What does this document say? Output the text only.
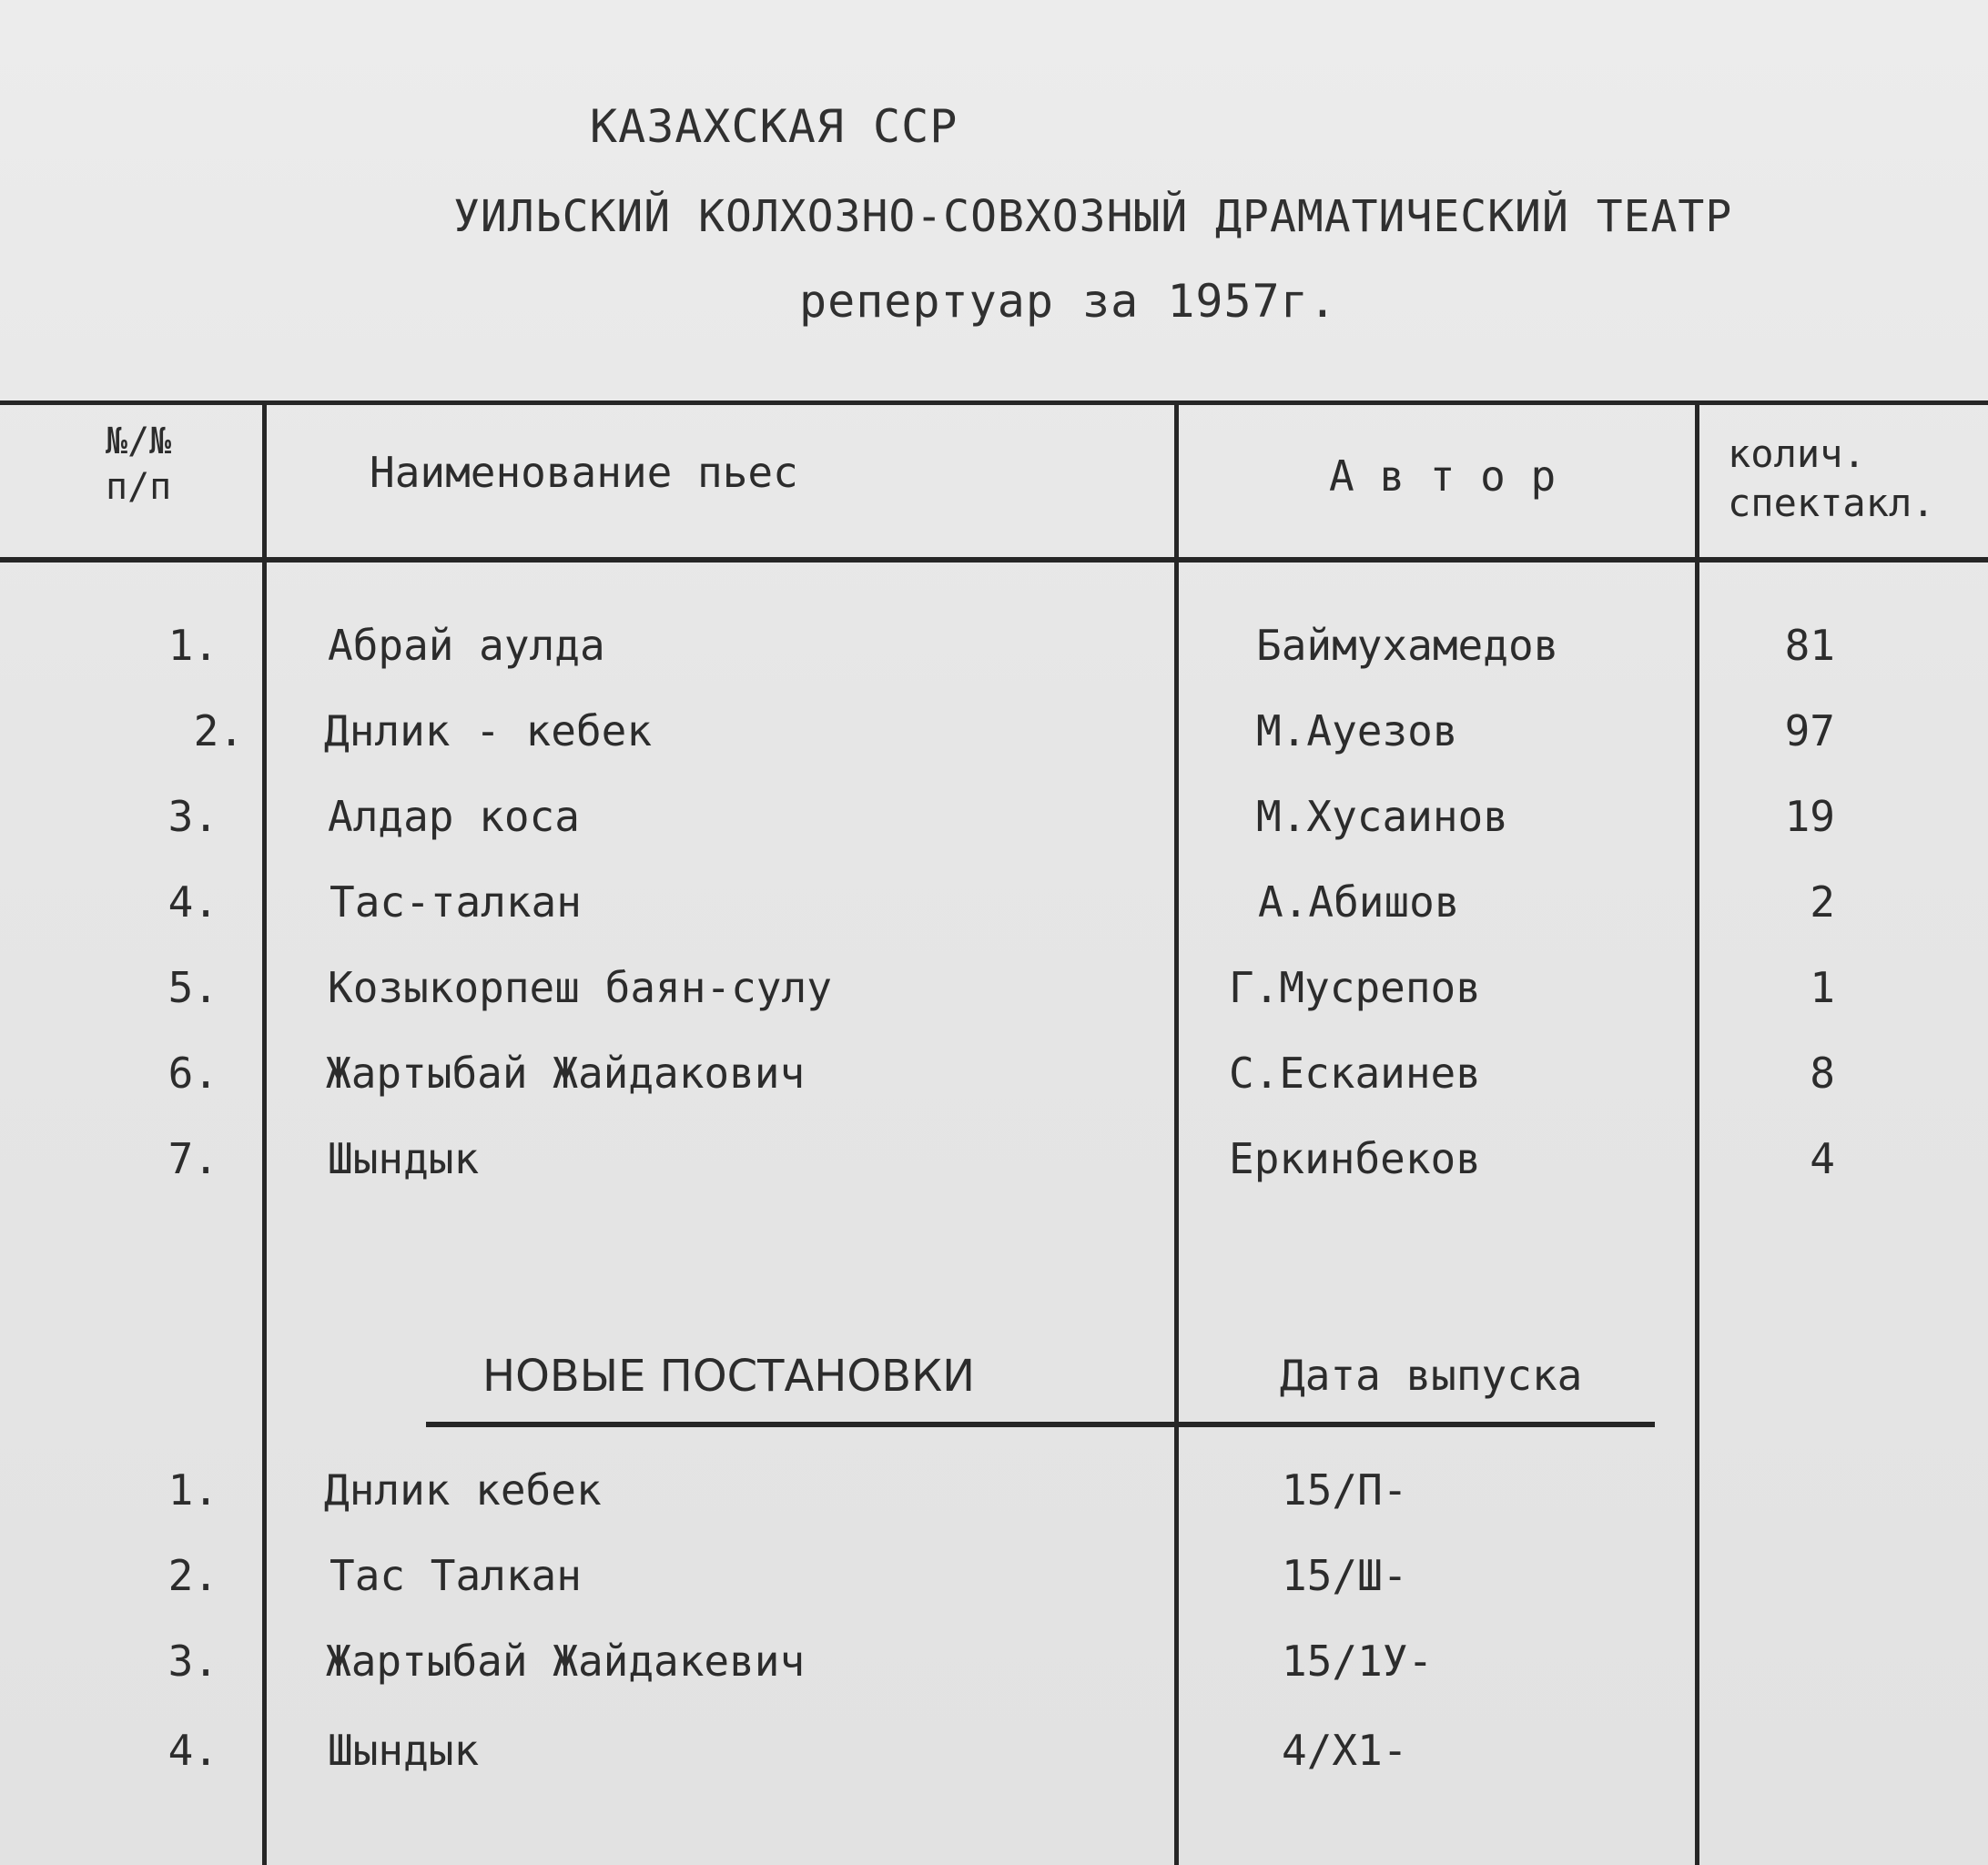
КАЗАХСКАЯ ССР
УИЛЬСКИЙ КОЛХОЗНО-СОВХОЗНЫЙ ДРАМАТИЧЕСКИЙ ТЕАТР
репертуар за 1957г.
№/№
п/п	Наименование пьес	А в т о р	колич.
спектакл.
1.	Абрай аулда	Баймухамедов	81
2. Днлик - кебек	М.Ауезов	97
3.	Алдар коса	М.Хусаинов	19
4.	Тас-талкан	А.Абишов	2
5.	Козыкорпеш баян-сулу	Г.Мусрепов	1
6.	Жартыбай Жайдакович	С.Ескаинев	8
7.	Шындык	Еркинбеков	4
НОВЫЕ ПОСТАНОВКИ	Дата выпуска
1.	Днлик кебек	15/П-
2.	Тас Талкан	15/Ш-
3.	Жартыбай Жайдакевич	15/1У-
4.	Шындык	4/Х1-
